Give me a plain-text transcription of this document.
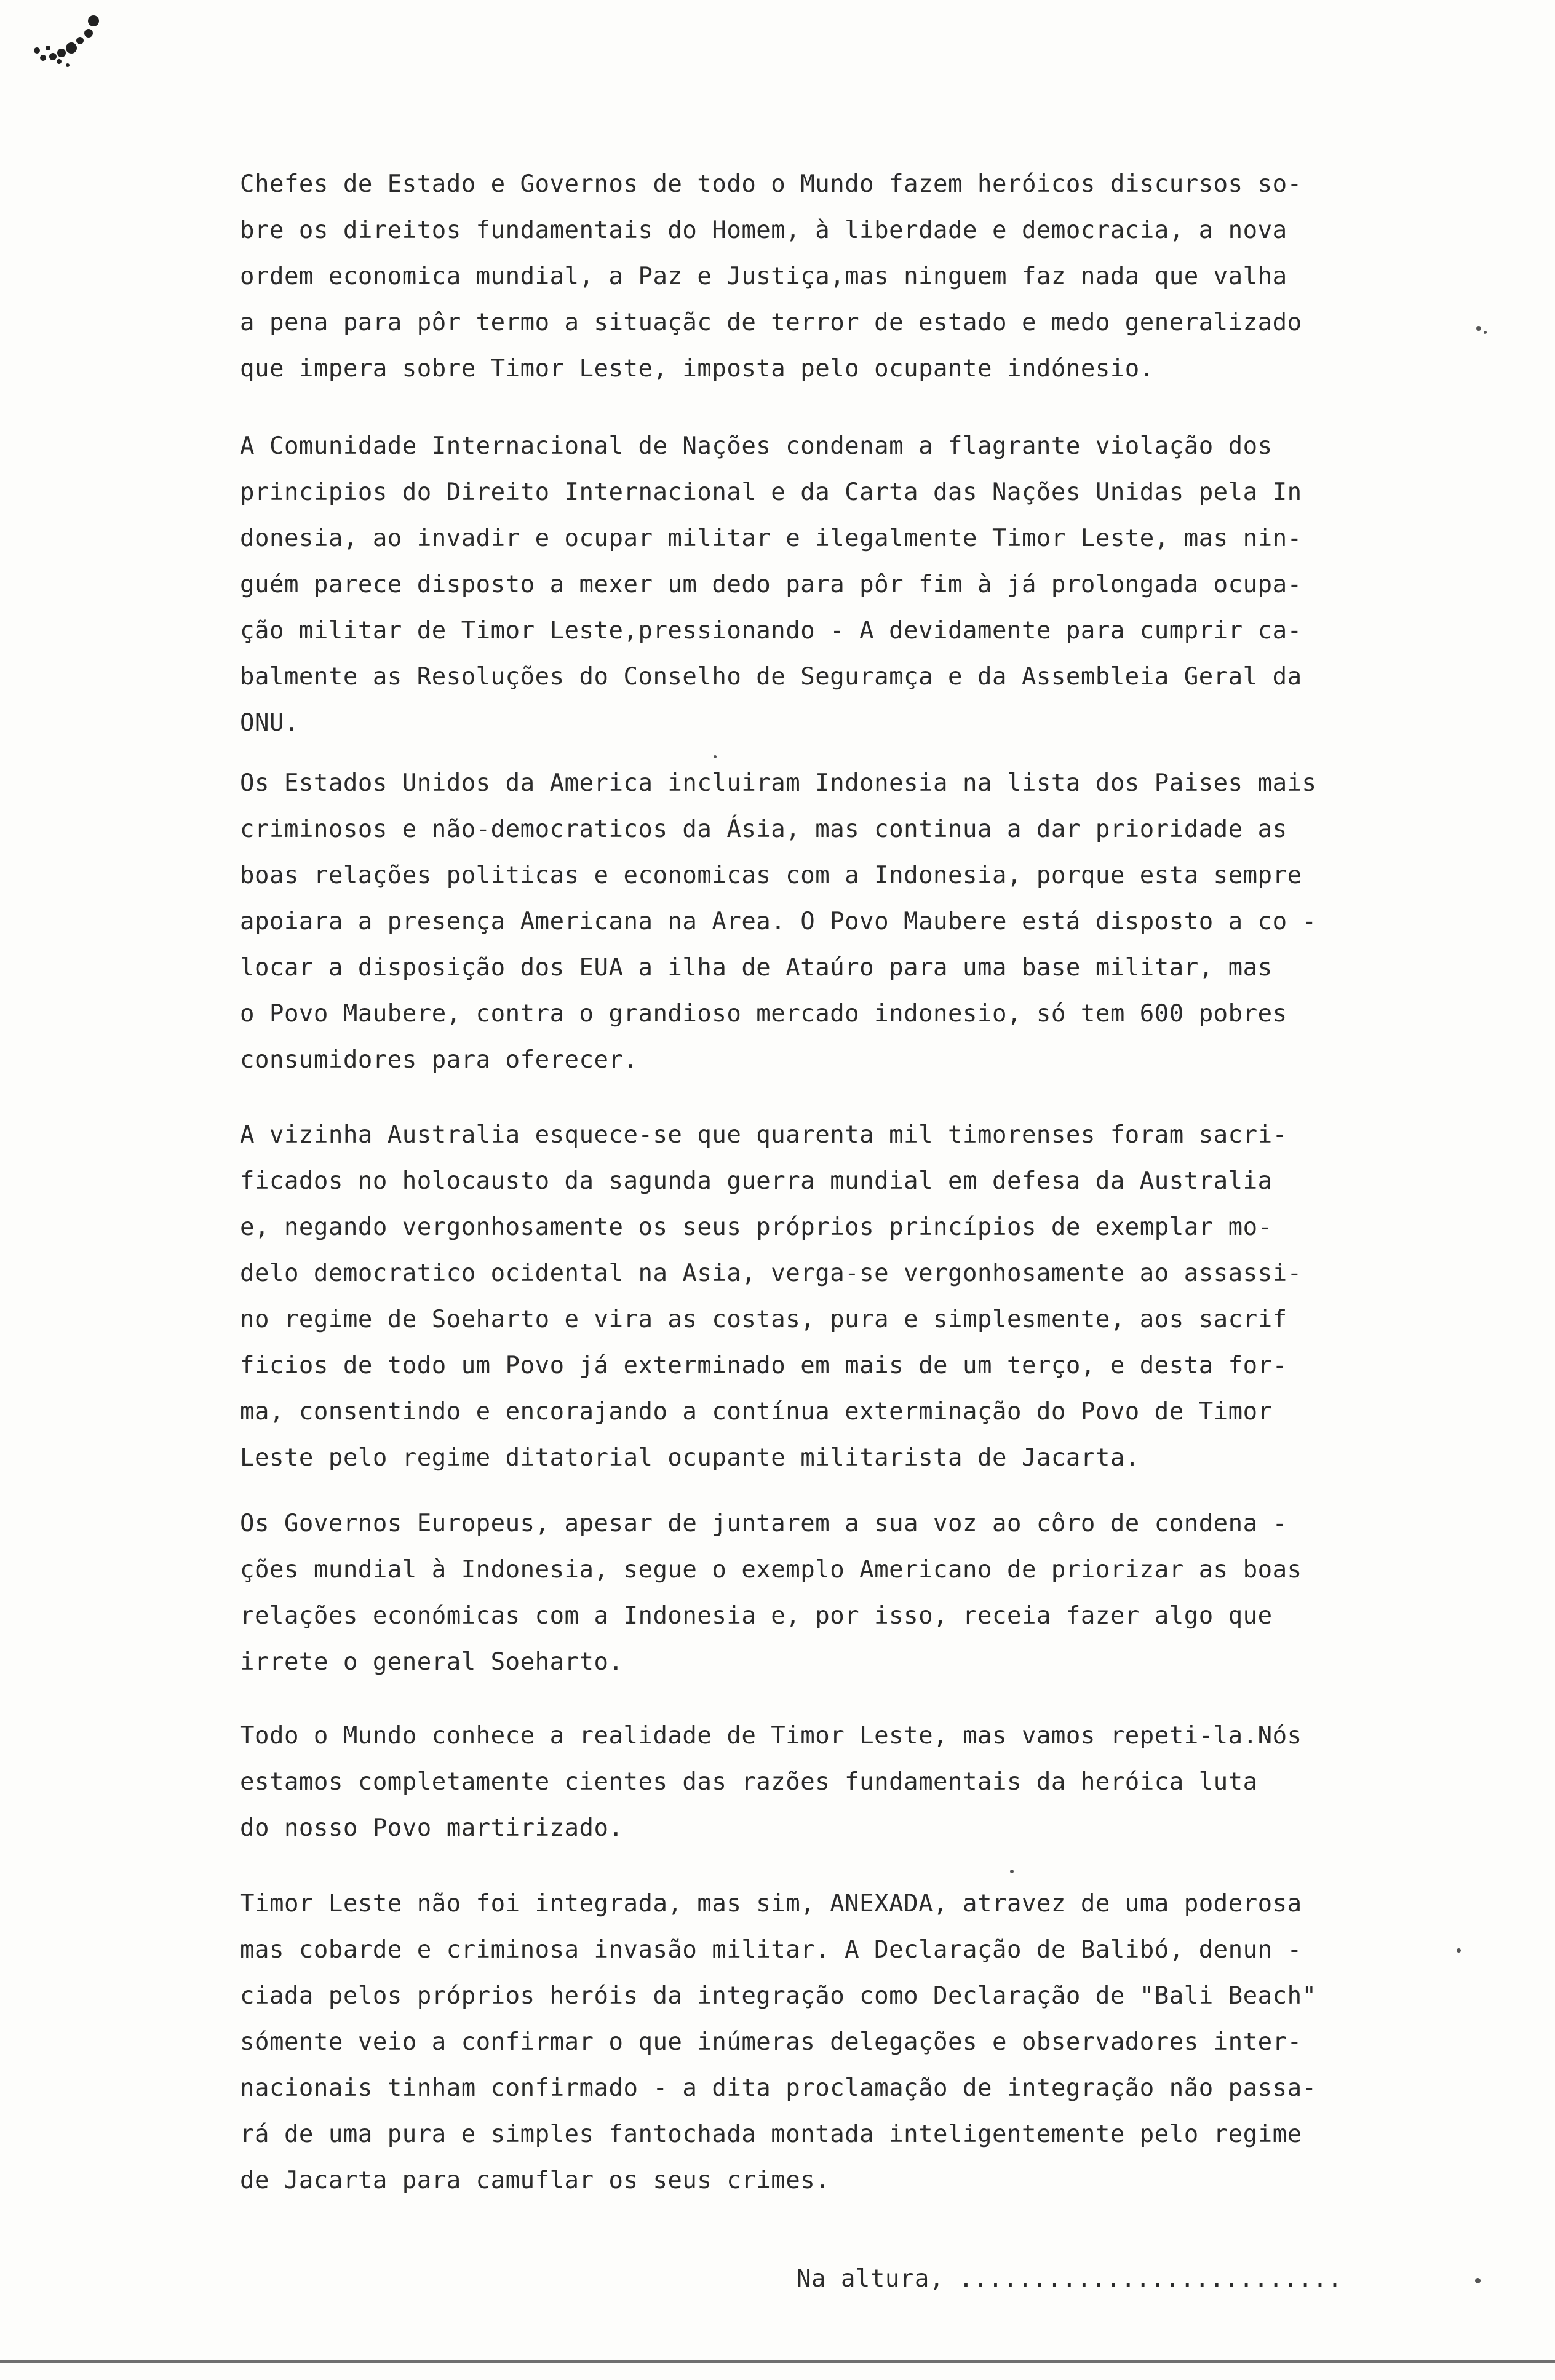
Chefes de Estado e Governos de todo o Mundo fazem heróicos discursos so-
bre os direitos fundamentais do Homem, à liberdade e democracia, a nova
ordem economica mundial, a Paz e Justiça,mas ninguem faz nada que valha
a pena para pôr termo a situaçãc de terror de estado e medo generalizado
que impera sobre Timor Leste, imposta pelo ocupante indónesio.

A Comunidade Internacional de Nações condenam a flagrante violação dos
principios do Direito Internacional e da Carta das Nações Unidas pela In
donesia, ao invadir e ocupar militar e ilegalmente Timor Leste, mas nin-
guém parece disposto a mexer um dedo para pôr fim à já prolongada ocupa-
ção militar de Timor Leste,pressionando - A devidamente para cumprir ca-
balmente as Resoluções do Conselho de Seguramça e da Assembleia Geral da
ONU.

Os Estados Unidos da America incluiram Indonesia na lista dos Paises mais
criminosos e não-democraticos da Ásia, mas continua a dar prioridade as
boas relações politicas e economicas com a Indonesia, porque esta sempre
apoiara a presença Americana na Area. O Povo Maubere está disposto a co -
locar a disposição dos EUA a ilha de Ataúro para uma base militar, mas
o Povo Maubere, contra o grandioso mercado indonesio, só tem 600 pobres
consumidores para oferecer.

A vizinha Australia esquece-se que quarenta mil timorenses foram sacri-
ficados no holocausto da sagunda guerra mundial em defesa da Australia
e, negando vergonhosamente os seus próprios princípios de exemplar mo-
delo democratico ocidental na Asia, verga-se vergonhosamente ao assassi-
no regime de Soeharto e vira as costas, pura e simplesmente, aos sacrif
ficios de todo um Povo já exterminado em mais de um terço, e desta for-
ma, consentindo e encorajando a contínua exterminação do Povo de Timor
Leste pelo regime ditatorial ocupante militarista de Jacarta.

Os Governos Europeus, apesar de juntarem a sua voz ao côro de condena -
ções mundial à Indonesia, segue o exemplo Americano de priorizar as boas
relações económicas com a Indonesia e, por isso, receia fazer algo que
irrete o general Soeharto.

Todo o Mundo conhece a realidade de Timor Leste, mas vamos repeti-la.Nós
estamos completamente cientes das razões fundamentais da heróica luta
do nosso Povo martirizado.

Timor Leste não foi integrada, mas sim, ANEXADA, atravez de uma poderosa
mas cobarde e criminosa invasão militar. A Declaração de Balibó, denun -
ciada pelos próprios heróis da integração como Declaração de "Bali Beach"
sómente veio a confirmar o que inúmeras delegações e observadores inter-
nacionais tinham confirmado - a dita proclamação de integração não passa-
rá de uma pura e simples fantochada montada inteligentemente pelo regime
de Jacarta para camuflar os seus crimes.

Na altura, ..........................
